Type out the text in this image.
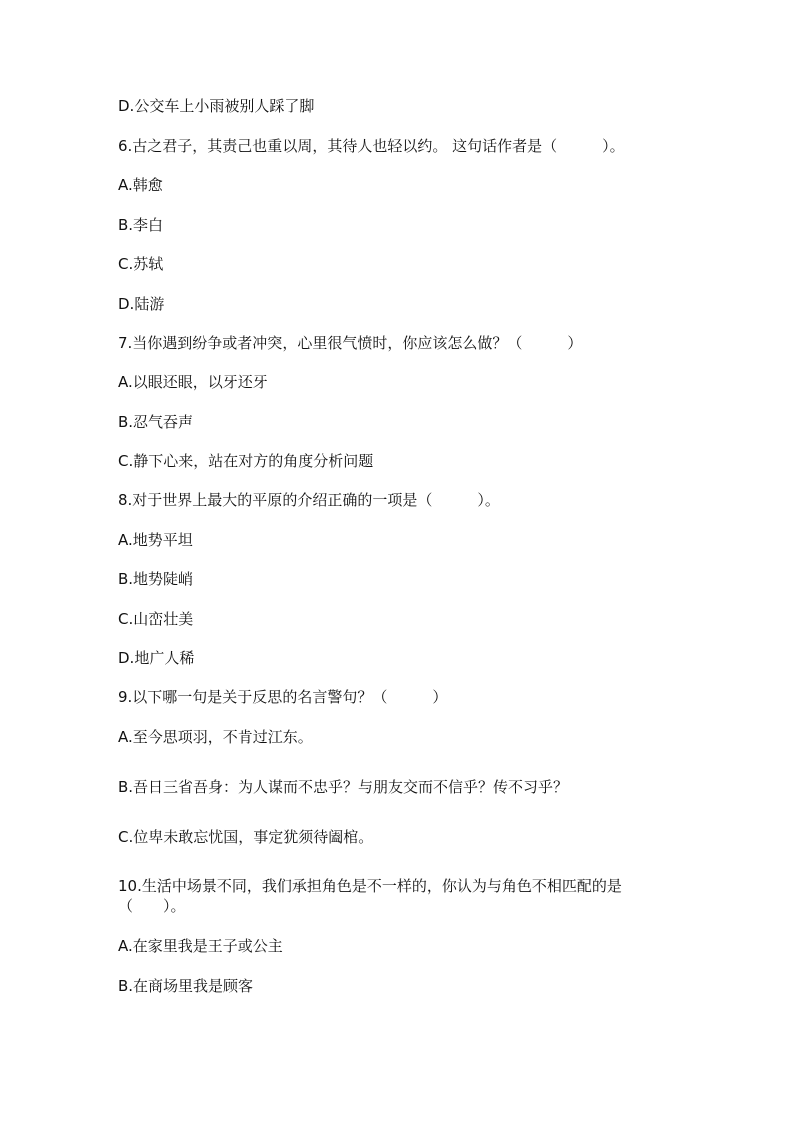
D.公交车上小雨被别人踩了脚
6.古之君子，其责己也重以周，其待人也轻以约。 这句话作者是（　　　）。
A.韩愈
B.李白
C.苏轼
D.陆游
7.当你遇到纷争或者冲突，心里很气愤时，你应该怎么做？（　　　）
A.以眼还眼，以牙还牙
B.忍气吞声
C.静下心来，站在对方的角度分析问题
8.对于世界上最大的平原的介绍正确的一项是（　　　）。
A.地势平坦
B.地势陡峭
C.山峦壮美
D.地广人稀
9.以下哪一句是关于反思的名言警句？（　　　）
A.至今思项羽，不肯过江东。
B.吾日三省吾身：为人谋而不忠乎？与朋友交而不信乎？传不习乎？
C.位卑未敢忘忧国，事定犹须待阖棺。
10.生活中场景不同，我们承担角色是不一样的，你认为与角色不相匹配的是（　　）。
A.在家里我是王子或公主
B.在商场里我是顾客
